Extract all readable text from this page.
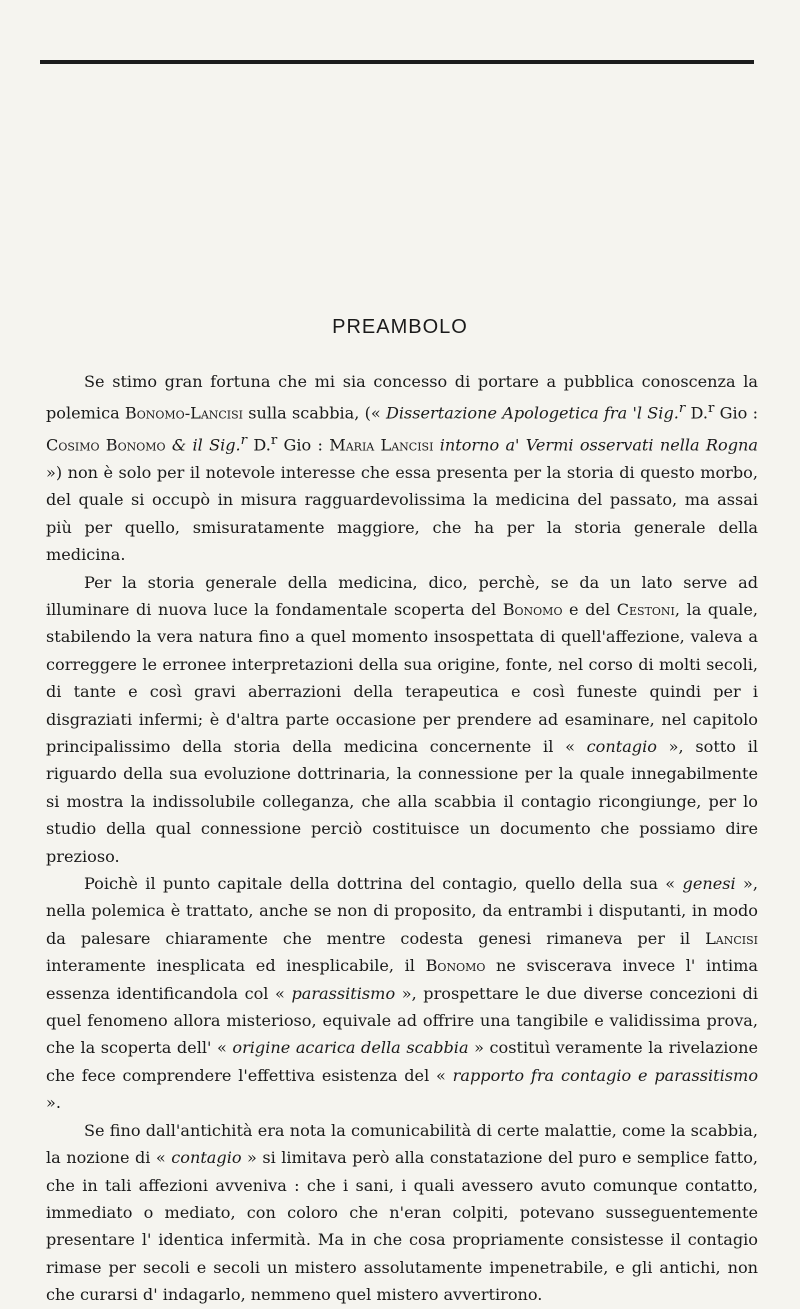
PREAMBOLO

Se stimo gran fortuna che mi sia concesso di portare a pubblica conoscenza la polemica Bonomo-Lancisi sulla scabbia, (« Dissertazione Apologetica fra 'l Sig.$^r$ D.$^r$ Gio : Cosimo Bonomo & il Sig.$^r$ D.$^r$ Gio : Maria Lancisi intorno a' Vermi osservati nella Rogna ») non è solo per il notevole interesse che essa presenta per la storia di questo morbo, del quale si occupò in misura ragguardevolissima la medicina del passato, ma assai più per quello, smisuratamente maggiore, che ha per la storia generale della medicina.

Per la storia generale della medicina, dico, perchè, se da un lato serve ad illuminare di nuova luce la fondamentale scoperta del Bonomo e del Cestoni, la quale, stabilendo la vera natura fino a quel momento insospettata di quell'affezione, valeva a correggere le erronee interpretazioni della sua origine, fonte, nel corso di molti secoli, di tante e così gravi aberrazioni della terapeutica e così funeste quindi per i disgraziati infermi; è d'altra parte occasione per prendere ad esaminare, nel capitolo principalissimo della storia della medicina concernente il « contagio », sotto il riguardo della sua evoluzione dottrinaria, la connessione per la quale innegabilmente si mostra la indissolubile colleganza, che alla scabbia il contagio ricongiunge, per lo studio della qual connessione perciò costituisce un documento che possiamo dire prezioso.

Poichè il punto capitale della dottrina del contagio, quello della sua « genesi », nella polemica è trattato, anche se non di proposito, da entrambi i disputanti, in modo da palesare chiaramente che mentre codesta genesi rimaneva per il Lancisi interamente inesplicata ed inesplicabile, il Bonomo ne sviscerava invece l' intima essenza identificandola col « parassitismo », prospettare le due diverse concezioni di quel fenomeno allora misterioso, equivale ad offrire una tangibile e validissima prova, che la scoperta dell' « origine acarica della scabbia » costituì veramente la rivelazione che fece comprendere l'effettiva esistenza del « rapporto fra contagio e parassitismo ».

Se fino dall'antichità era nota la comunicabilità di certe malattie, come la scabbia, la nozione di « contagio » si limitava però alla constatazione del puro e semplice fatto, che in tali affezioni avveniva : che i sani, i quali avessero avuto comunque contatto, immediato o mediato, con coloro che n'eran colpiti, potevano susseguentemente presentare l' identica infermità. Ma in che cosa propriamente consistesse il contagio rimase per secoli e secoli un mistero assolutamente impenetrabile, e gli antichi, non che curarsi d' indagarlo, nemmeno quel mistero avvertirono.
